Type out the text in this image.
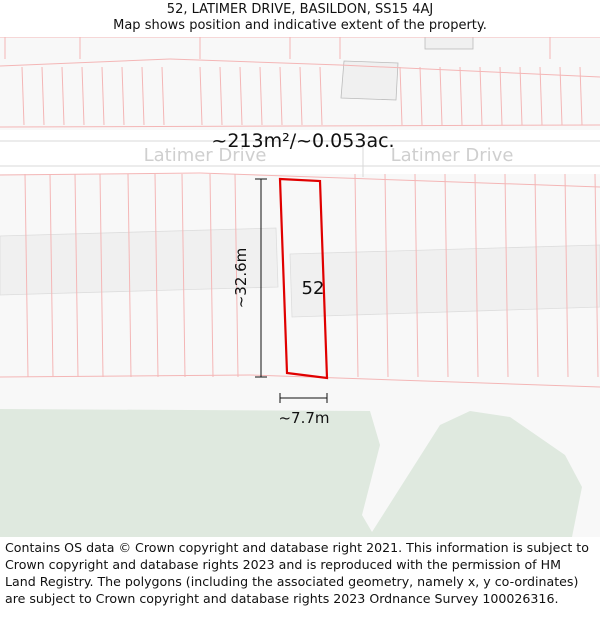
52, LATIMER DRIVE, BASILDON, SS15 4AJ
Map shows position and indicative extent of the property.
Latimer Drive	Latimer Drive
~213m²/~0.053ac.
52
~32.6m
~7.7m
Contains OS data © Crown copyright and database right 2021. This information is subject to Crown copyright and database rights 2023 and is reproduced with the permission of HM Land Registry. The polygons (including the associated geometry, namely x, y co-ordinates) are subject to Crown copyright and database rights 2023 Ordnance Survey 100026316.
